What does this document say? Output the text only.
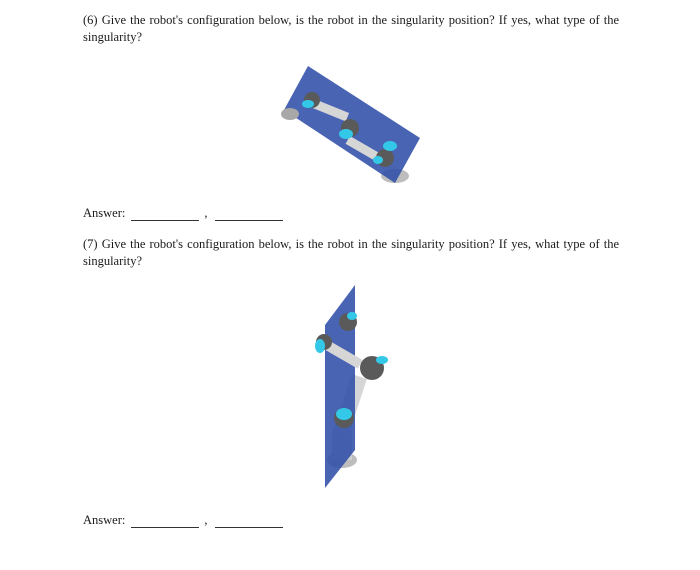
(6) Give the robot's configuration below, is the robot in the singularity position? If yes, what type of the singularity?
Answer:	,
(7) Give the robot's configuration below, is the robot in the singularity position? If yes, what type of the singularity?
Answer:	,
